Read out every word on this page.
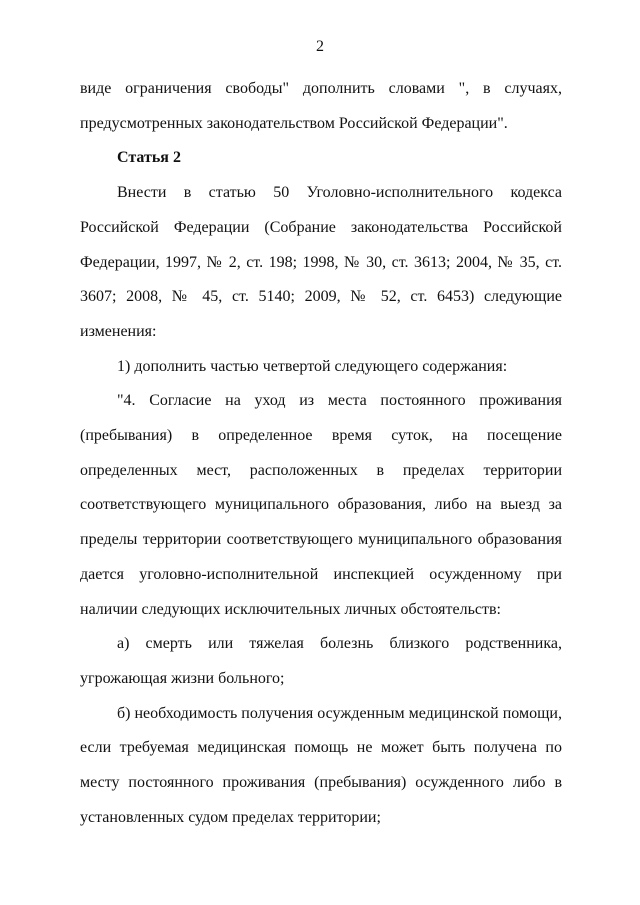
2

виде ограничения свободы" дополнить словами ", в случаях, предусмотренных законодательством Российской Федерации".

Статья 2

Внести в статью 50 Уголовно-исполнительного кодекса Российской Федерации (Собрание законодательства Российской Федерации, 1997, № 2, ст. 198; 1998, № 30, ст. 3613; 2004, № 35, ст. 3607; 2008, № 45, ст. 5140; 2009, № 52, ст. 6453) следующие изменения:

1) дополнить частью четвертой следующего содержания:

"4. Согласие на уход из места постоянного проживания (пребывания) в определенное время суток, на посещение определенных мест, расположенных в пределах территории соответствующего муниципального образования, либо на выезд за пределы территории соответствующего муниципального образования дается уголовно-исполнительной инспекцией осужденному при наличии следующих исключительных личных обстоятельств:

а) смерть или тяжелая болезнь близкого родственника, угрожающая жизни больного;

б) необходимость получения осужденным медицинской помощи, если требуемая медицинская помощь не может быть получена по месту постоянного проживания (пребывания) осужденного либо в установленных судом пределах территории;
